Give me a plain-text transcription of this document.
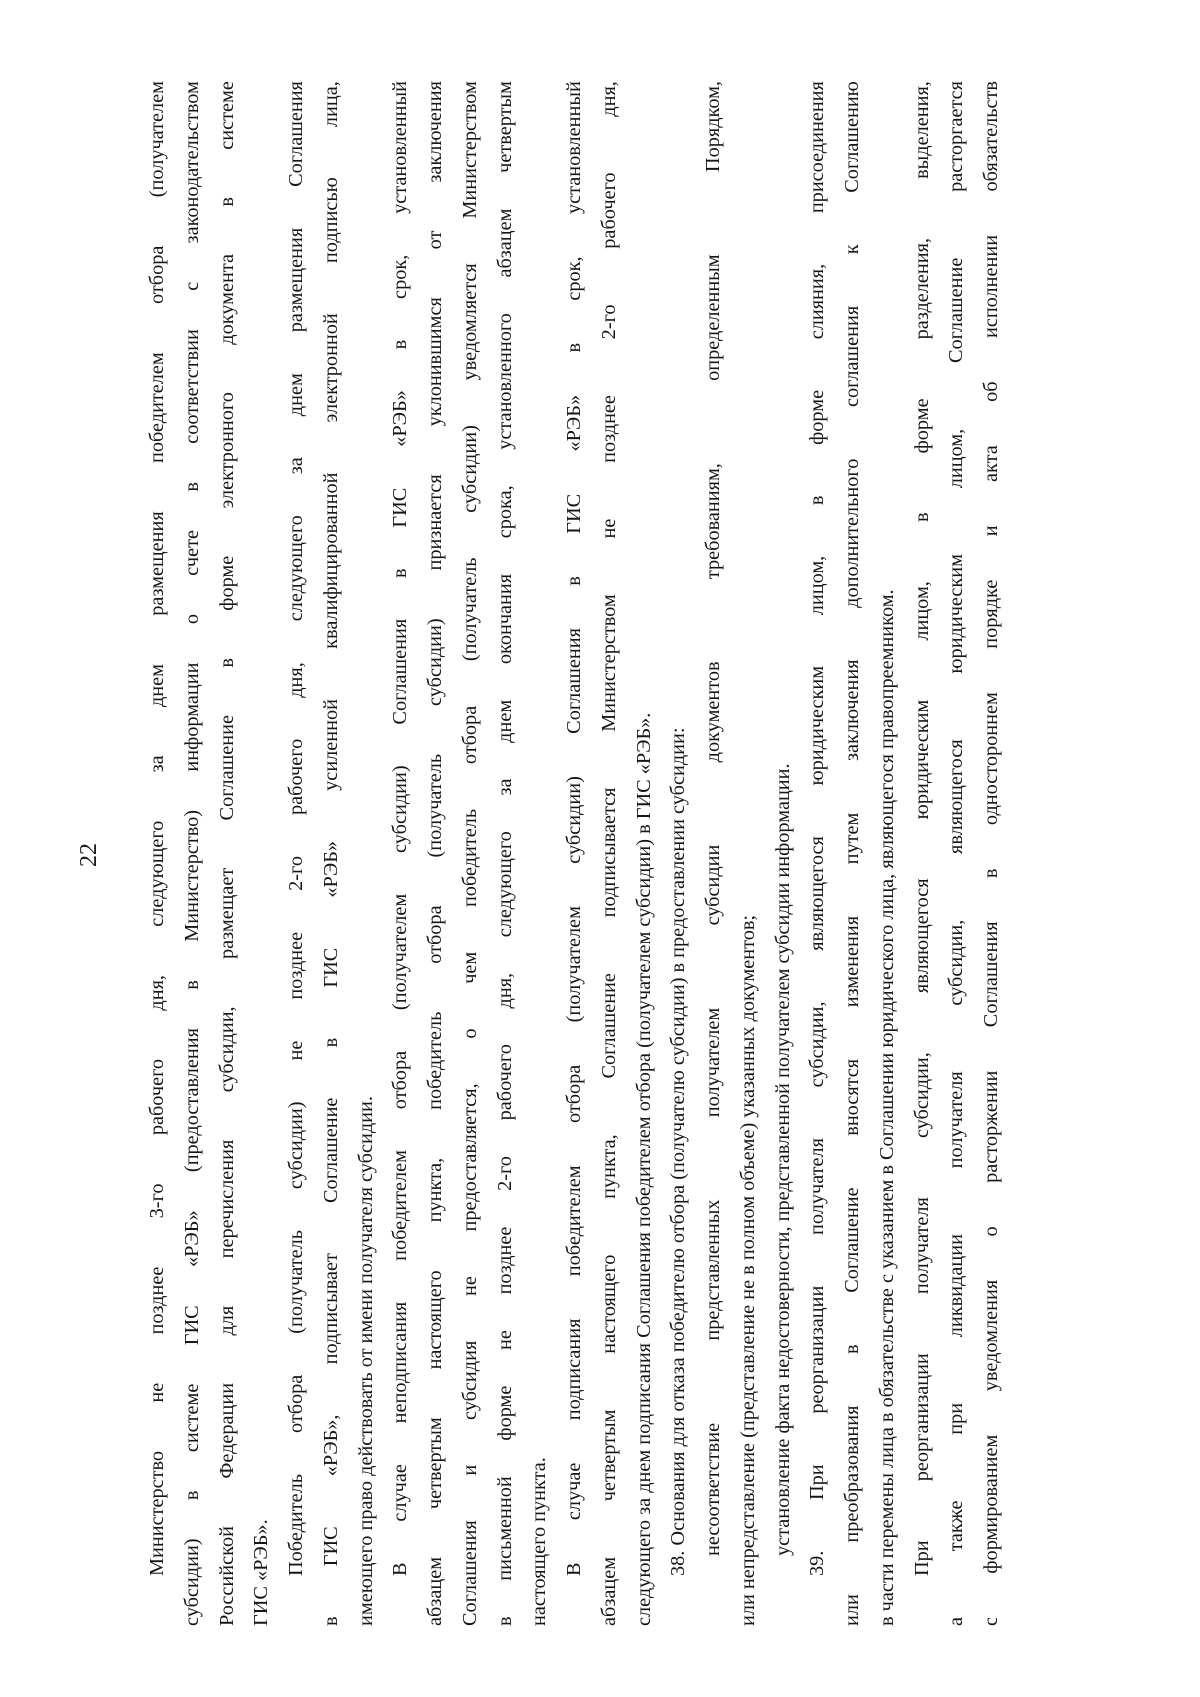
22
Министерство
не
позднее
3-го
рабочего
дня,
следующего
за
днем
размещения
победителем
отбора
(получателем
субсидии)
в
системе
ГИС
«РЭБ»
(предоставления
в
Министерство)
информации
о
счете
в
соответствии
с
законодательством
Российской
Федерации
для
перечисления
субсидии,
размещает
Соглашение
в
форме
электронного
документа
в
системе
ГИС «РЭБ». Победитель
отбора
(получатель
субсидии)
не
позднее
2-го
рабочего
дня,
следующего
за
днем
размещения
Соглашения
в
ГИС
«РЭБ»,
подписывает
Соглашение
в
ГИС
«РЭБ»
усиленной
квалифицированной
электронной
подписью
лица,
имеющего право действовать от имени получателя субсидии. В
случае
неподписания
победителем
отбора
(получателем
субсидии)
Соглашения
в
ГИС
«РЭБ»
в
срок,
установленный
абзацем
четвертым
настоящего
пункта,
победитель
отбора
(получатель
субсидии)
признается
уклонившимся
от
заключения
Соглашения
и
субсидия
не
предоставляется,
о
чем
победитель
отбора
(получатель
субсидии)
уведомляется
Министерством
в
письменной
форме
не
позднее
2-го
рабочего
дня,
следующего
за
днем
окончания
срока,
установленного
абзацем
четвертым
настоящего пункта. В
случае
подписания
победителем
отбора
(получателем
субсидии)
Соглашения
в
ГИС
«РЭБ»
в
срок,
установленный
абзацем
четвертым
настоящего
пункта,
Соглашение
подписывается
Министерством
не
позднее
2-го
рабочего
дня,
следующего за днем подписания Соглашения победителем отбора (получателем субсидии) в ГИС «РЭБ». 38. Основания для отказа победителю отбора (получателю субсидии) в предоставлении субсидии: несоответствие
представленных
получателем
субсидии
документов
требованиям,
определенным
Порядком,
или непредставление (представление не в полном объеме) указанных документов; установление факта недостоверности, представленной получателем субсидии информации.
39.
При
реорганизации
получателя
субсидии,
являющегося
юридическим
лицом,
в
форме
слияния,
присоединения
или
преобразования
в
Соглашение
вносятся
изменения
путем
заключения
дополнительного
соглашения
к
Соглашению
в части перемены лица в обязательстве с указанием в Соглашении юридического лица, являющегося правопреемником. При
реорганизации
получателя
субсидии,
являющегося
юридическим
лицом,
в
форме
разделения,
выделения,
а
также
при
ликвидации
получателя
субсидии,
являющегося
юридическим
лицом,
Соглашение
расторгается
с
формированием
уведомления
о
расторжении
Соглашения
в
одностороннем
порядке
и
акта
об
исполнении
обязательств
